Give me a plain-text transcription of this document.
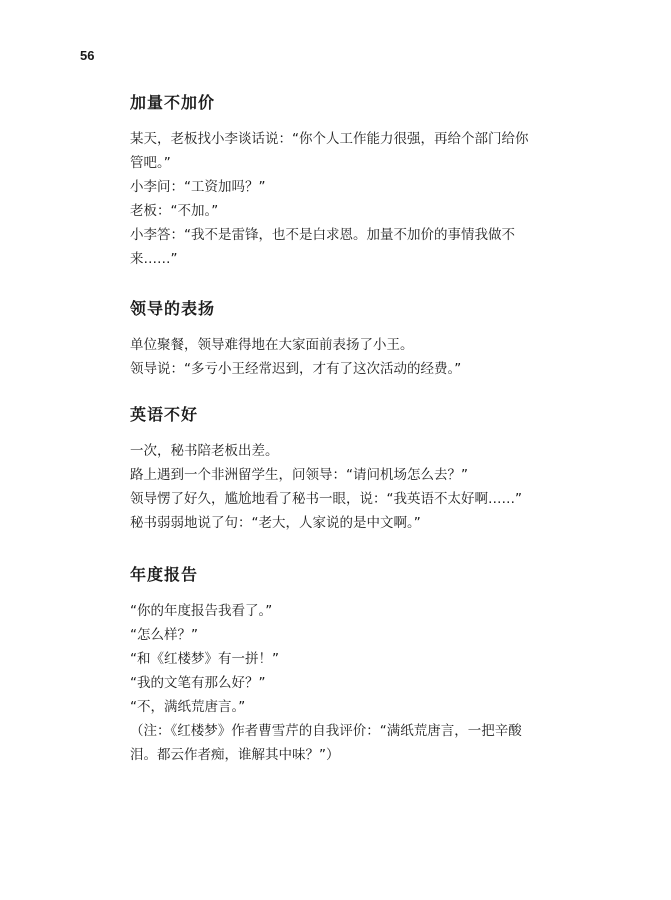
56
加量不加价

某天，老板找小李谈话说：“你个人工作能力很强，再给个部门给你

管吧。”

小李问：“工资加吗？”

老板：“不加。”

小李答：“我不是雷锋，也不是白求恩。加量不加价的事情我做不

来……”

领导的表扬

单位聚餐，领导难得地在大家面前表扬了小王。

领导说：“多亏小王经常迟到，才有了这次活动的经费。”

英语不好

一次，秘书陪老板出差。

路上遇到一个非洲留学生，问领导：“请问机场怎么去？”

领导愣了好久，尴尬地看了秘书一眼，说：“我英语不太好啊……”

秘书弱弱地说了句：“老大，人家说的是中文啊。”

年度报告

“你的年度报告我看了。”

“怎么样？”

“和《红楼梦》有一拼！”

“我的文笔有那么好？”

“不，满纸荒唐言。”

（注：《红楼梦》作者曹雪芹的自我评价：“满纸荒唐言，一把辛酸

泪。都云作者痴，谁解其中味？”）
